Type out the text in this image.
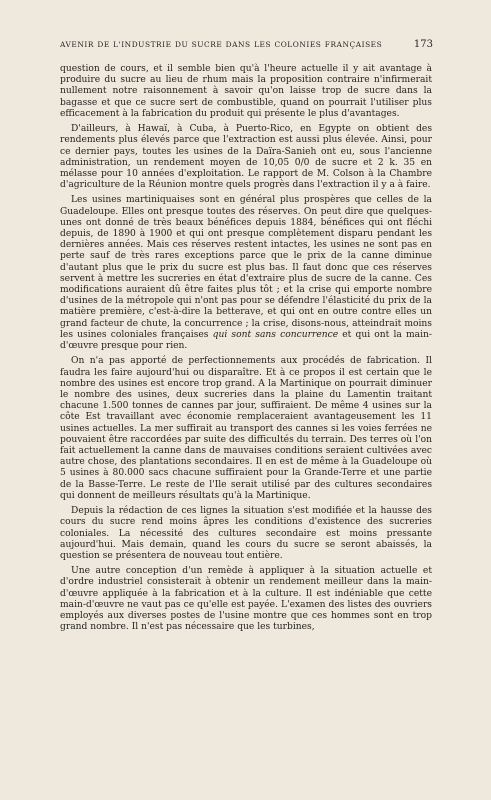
AVENIR DE L'INDUSTRIE DU SUCRE DANS LES COLONIES FRANÇAISES	173

question de cours, et il semble bien qu'à l'heure actuelle il y ait avantage à produire du sucre au lieu de rhum mais la proposition contraire n'infirmerait nullement notre raisonnement à savoir qu'on laisse trop de sucre dans la bagasse et que ce sucre sert de combustible, quand on pourrait l'utiliser plus efficacement à la fabrication du produit qui présente le plus d'avantages.

D'ailleurs, à Hawaï, à Cuba, à Puerto-Rico, en Egypte on obtient des rendements plus élevés parce que l'extraction est aussi plus élevée. Ainsi, pour ce dernier pays, toutes les usines de la Daïra-Sanieh ont eu, sous l'ancienne administration, un rendement moyen de 10,05 0/0 de sucre et 2 k. 35 en mélasse pour 10 années d'exploitation. Le rapport de M. Colson à la Chambre d'agriculture de la Réunion montre quels progrès dans l'extraction il y a à faire.

Les usines martiniquaises sont en général plus prospères que celles de la Guadeloupe. Elles ont presque toutes des réserves. On peut dire que quelques-unes ont donné de très beaux bénéfices depuis 1884, bénéfices qui ont fléchi depuis, de 1890 à 1900 et qui ont presque complètement disparu pendant les dernières années. Mais ces réserves restent intactes, les usines ne sont pas en perte sauf de très rares exceptions parce que le prix de la canne diminue d'autant plus que le prix du sucre est plus bas. Il faut donc que ces réserves servent à mettre les sucreries en état d'extraire plus de sucre de la canne. Ces modifications auraient dû être faites plus tôt ; et la crise qui emporte nombre d'usines de la métropole qui n'ont pas pour se défendre l'élasticité du prix de la matière première, c'est-à-dire la betterave, et qui ont en outre contre elles un grand facteur de chute, la concurrence ; la crise, disons-nous, atteindrait moins les usines coloniales françaises qui sont sans concurrence et qui ont la main-d'œuvre presque pour rien.

On n'a pas apporté de perfectionnements aux procédés de fabrication. Il faudra les faire aujourd'hui ou disparaître. Et à ce propos il est certain que le nombre des usines est encore trop grand. A la Martinique on pourrait diminuer le nombre des usines, deux sucreries dans la plaine du Lamentin traitant chacune 1.500 tonnes de cannes par jour, suffiraient. De même 4 usines sur la côte Est travaillant avec économie remplaceraient avantageusement les 11 usines actuelles. La mer suffirait au transport des cannes si les voies ferrées ne pouvaient être raccordées par suite des difficultés du terrain. Des terres où l'on fait actuellement la canne dans de mauvaises conditions seraient cultivées avec autre chose, des plantations secondaires. Il en est de même à la Guadeloupe où 5 usines à 80.000 sacs chacune suffiraient pour la Grande-Terre et une partie de la Basse-Terre. Le reste de l'Ile serait utilisé par des cultures secondaires qui donnent de meilleurs résultats qu'à la Martinique.

Depuis la rédaction de ces lignes la situation s'est modifiée et la hausse des cours du sucre rend moins âpres les conditions d'existence des sucreries coloniales. La nécessité des cultures secondaire est moins pressante aujourd'hui. Mais demain, quand les cours du sucre se seront abaissés, la question se présentera de nouveau tout entière.

Une autre conception d'un remède à appliquer à la situation actuelle et d'ordre industriel consisterait à obtenir un rendement meilleur dans la main-d'œuvre appliquée à la fabrication et à la culture. Il est indéniable que cette main-d'œuvre ne vaut pas ce qu'elle est payée. L'examen des listes des ouvriers employés aux diverses postes de l'usine montre que ces hommes sont en trop grand nombre. Il n'est pas nécessaire que les turbines,
